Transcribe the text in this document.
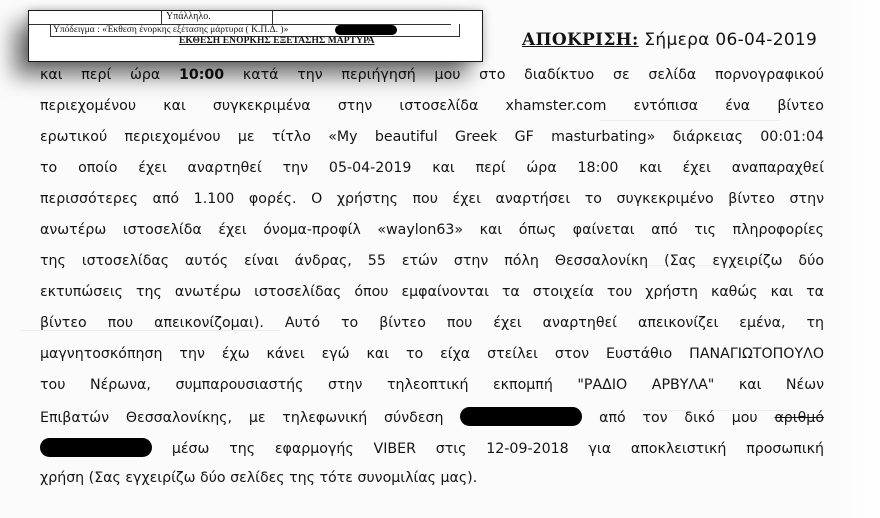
Υπάλληλο.
Υπόδειγμα : «Έκθεση ένορκης εξέτασης μάρτυρα ( Κ.Π.Δ. )»
ΕΚΘΕΣΗ ΕΝΟΡΚΗΣ ΕΞΕΤΑΣΗΣ ΜΑΡΤΥΡΑ	ΑΠΟΚΡΙΣΗ: Σήμερα 06-04-2019
και περί ώρα 10:00 κατά την περιήγησή μου στο διαδίκτυο σε σελίδα πορνογραφικού
περιεχομένου και συγκεκριμένα στην ιστοσελίδα xhamster.com εντόπισα ένα βίντεο
ερωτικού περιεχομένου με τίτλο «My beautiful Greek GF masturbating» διάρκειας 00:01:04
το οποίο έχει αναρτηθεί την 05-04-2019 και περί ώρα 18:00 και έχει αναπαραχθεί
περισσότερες από 1.100 φορές. Ο χρήστης που έχει αναρτήσει το συγκεκριμένο βίντεο στην
ανωτέρω ιστοσελίδα έχει όνομα-προφίλ «waylon63» και όπως φαίνεται από τις πληροφορίες
της ιστοσελίδας αυτός είναι άνδρας, 55 ετών στην πόλη Θεσσαλονίκη (Σας εγχειρίζω δύο
εκτυπώσεις της ανωτέρω ιστοσελίδας όπου εμφαίνονται τα στοιχεία του χρήστη καθώς και τα
βίντεο που απεικονίζομαι). Αυτό το βίντεο που έχει αναρτηθεί απεικονίζει εμένα, τη
μαγνητοσκόπηση την έχω κάνει εγώ και το είχα στείλει στον Ευστάθιο ΠΑΝΑΓΙΩΤΟΠΟΥΛΟ
του Νέρωνα, συμπαρουσιαστής στην τηλεοπτική εκπομπή "ΡΑΔΙΟ ΑΡΒΥΛΑ" και Νέων
Επιβατών Θεσσαλονίκης, με τηλεφωνική σύνδεση	από τον δικό μου αριθμό
μέσω της εφαρμογής VIBER στις 12-09-2018 για αποκλειστική προσωπική
χρήση (Σας εγχειρίζω δύο σελίδες της τότε συνομιλίας μας).
